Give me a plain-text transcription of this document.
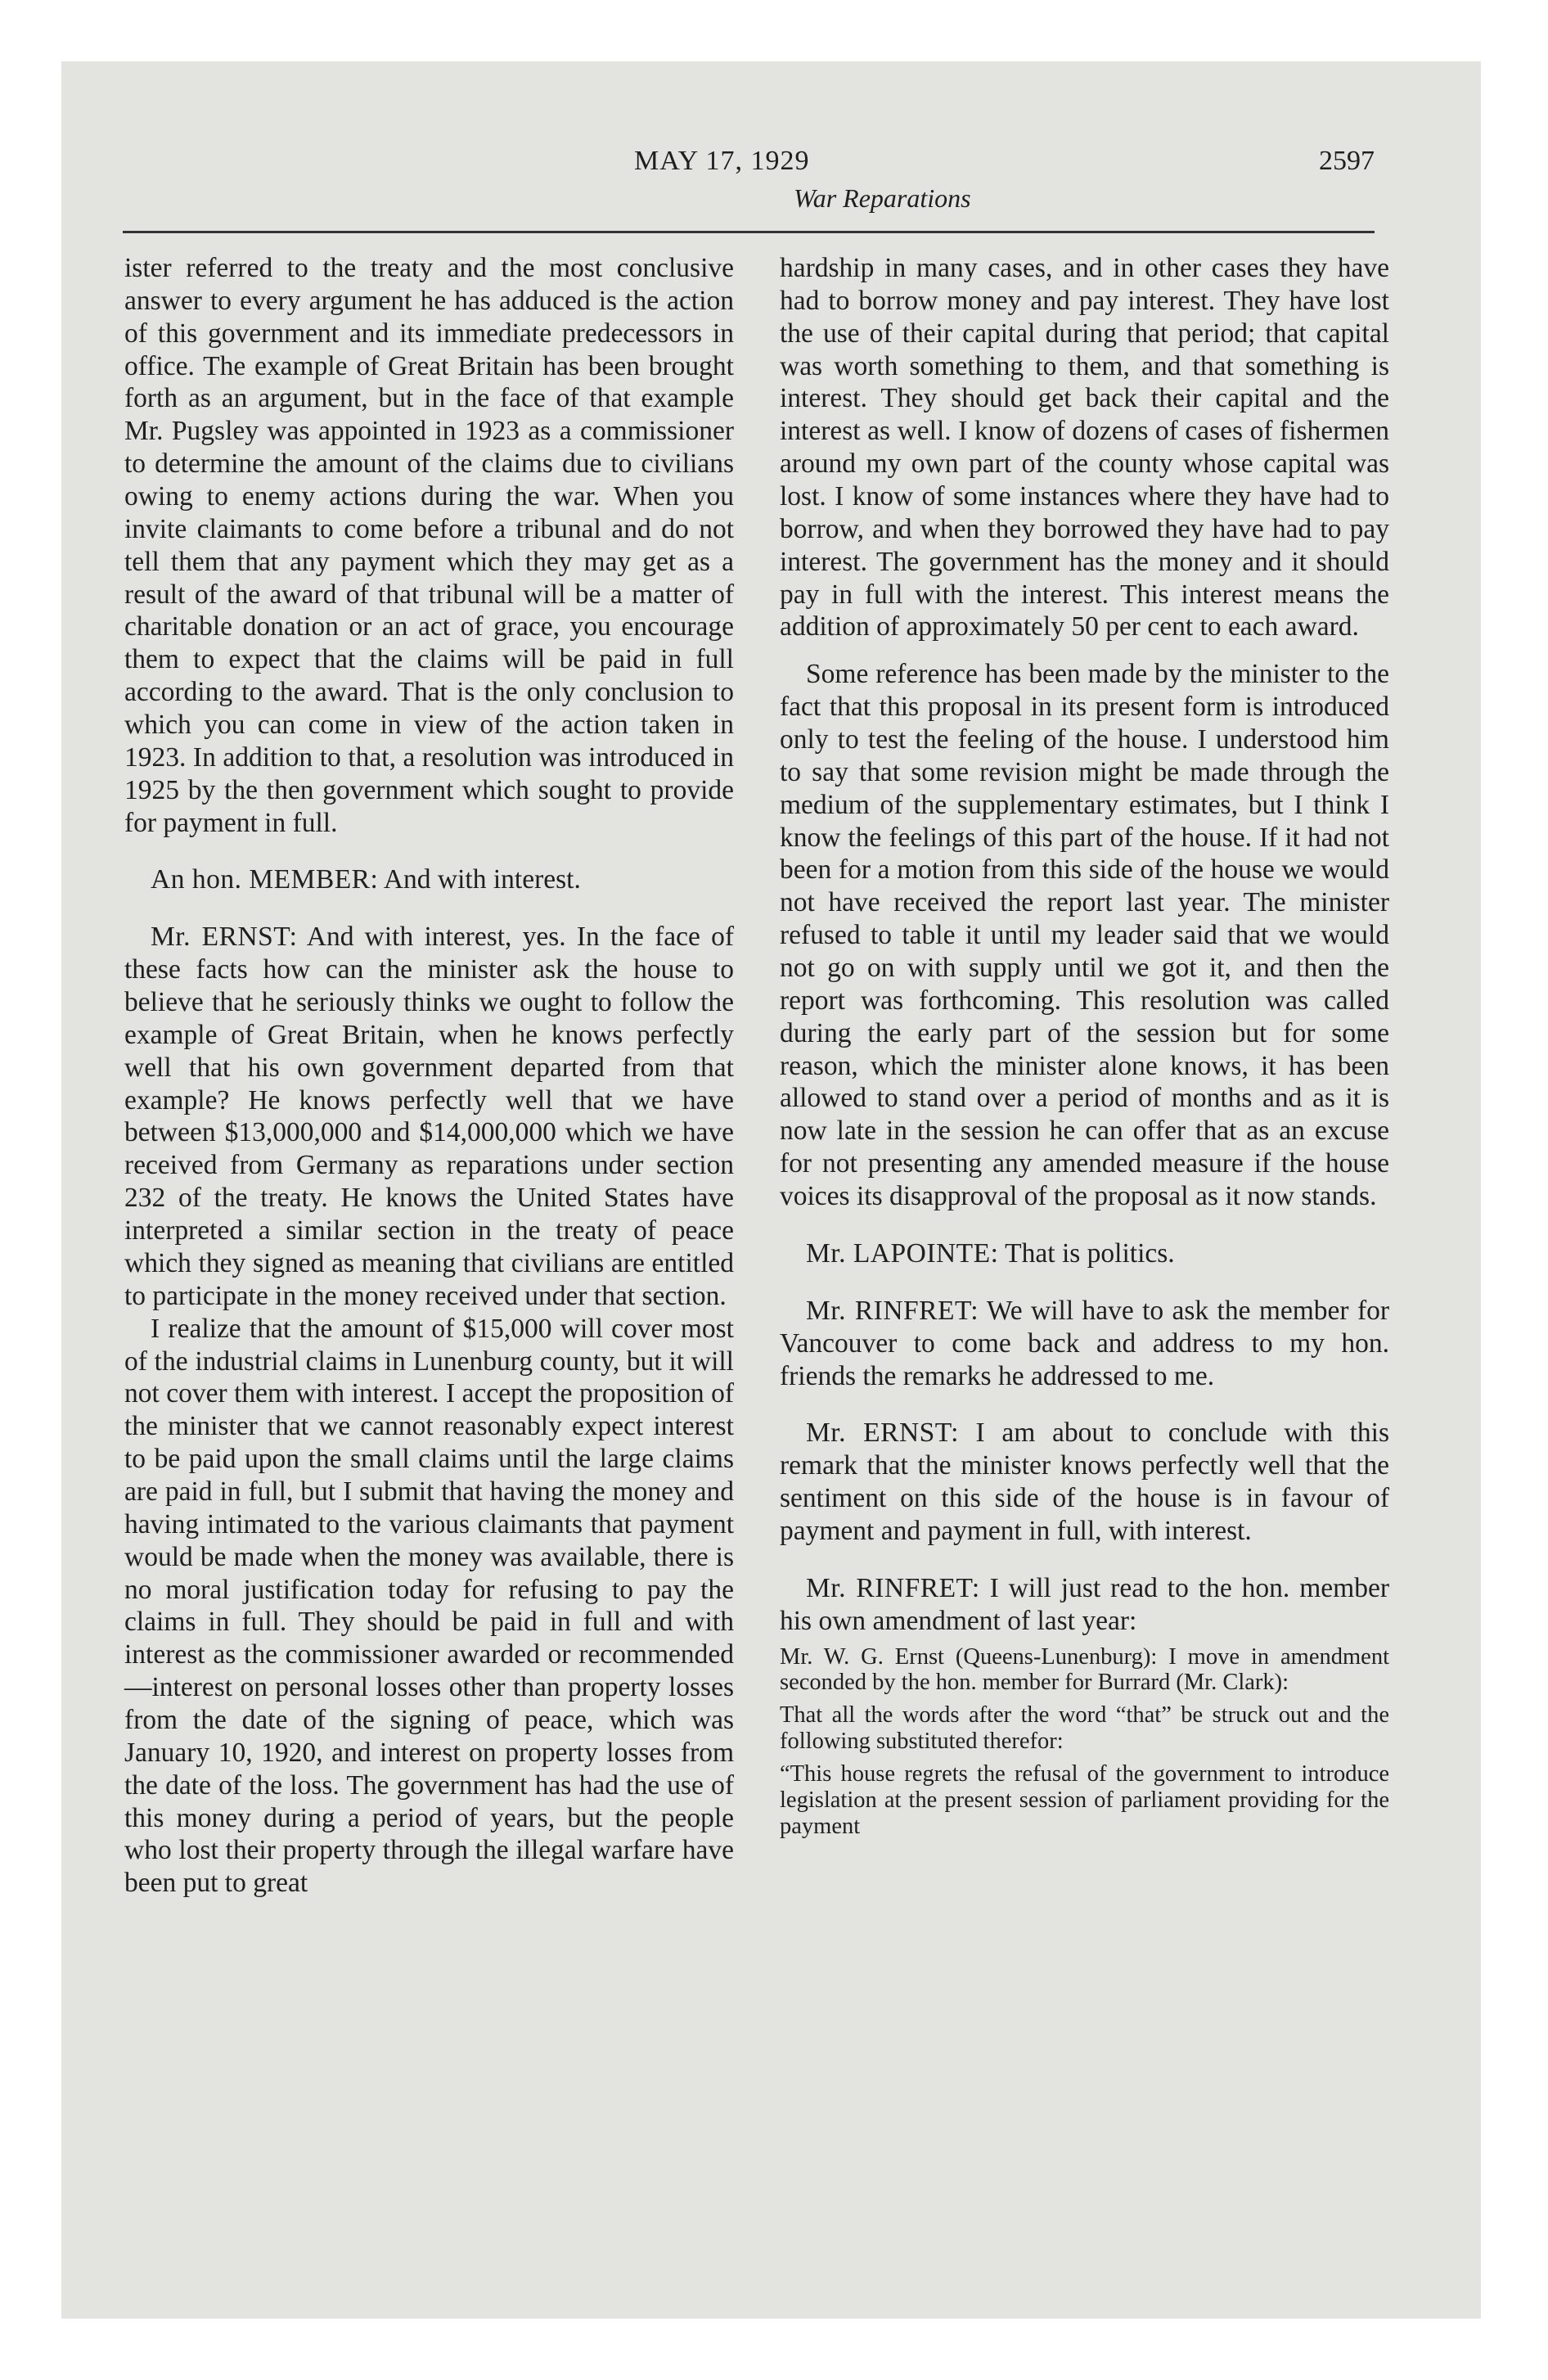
MAY 17, 1929
War Reparations
2597

ister referred to the treaty and the most conclusive answer to every argument he has adduced is the action of this government and its immediate predecessors in office. The example of Great Britain has been brought forth as an argument, but in the face of that example Mr. Pugsley was appointed in 1923 as a commissioner to determine the amount of the claims due to civilians owing to enemy actions during the war. When you invite claimants to come before a tribunal and do not tell them that any payment which they may get as a result of the award of that tribunal will be a matter of charitable donation or an act of grace, you encourage them to expect that the claims will be paid in full according to the award. That is the only conclusion to which you can come in view of the action taken in 1923. In addition to that, a resolution was introduced in 1925 by the then government which sought to provide for payment in full.

An hon. MEMBER: And with interest.

Mr. ERNST: And with interest, yes. In the face of these facts how can the minister ask the house to believe that he seriously thinks we ought to follow the example of Great Britain, when he knows perfectly well that his own government departed from that example? He knows perfectly well that we have between $13,000,000 and $14,000,000 which we have received from Germany as reparations under section 232 of the treaty. He knows the United States have interpreted a similar section in the treaty of peace which they signed as meaning that civilians are entitled to participate in the money received under that section.

I realize that the amount of $15,000 will cover most of the industrial claims in Lunenburg county, but it will not cover them with interest. I accept the proposition of the minister that we cannot reasonably expect interest to be paid upon the small claims until the large claims are paid in full, but I submit that having the money and having intimated to the various claimants that payment would be made when the money was available, there is no moral justification today for refusing to pay the claims in full. They should be paid in full and with interest as the commissioner awarded or recommended—interest on personal losses other than property losses from the date of the signing of peace, which was January 10, 1920, and interest on property losses from the date of the loss. The government has had the use of this money during a period of years, but the people who lost their property through the illegal warfare have been put to great

hardship in many cases, and in other cases they have had to borrow money and pay interest. They have lost the use of their capital during that period; that capital was worth something to them, and that something is interest. They should get back their capital and the interest as well. I know of dozens of cases of fishermen around my own part of the county whose capital was lost. I know of some instances where they have had to borrow, and when they borrowed they have had to pay interest. The government has the money and it should pay in full with the interest. This interest means the addition of approximately 50 per cent to each award.

Some reference has been made by the minister to the fact that this proposal in its present form is introduced only to test the feeling of the house. I understood him to say that some revision might be made through the medium of the supplementary estimates, but I think I know the feelings of this part of the house. If it had not been for a motion from this side of the house we would not have received the report last year. The minister refused to table it until my leader said that we would not go on with supply until we got it, and then the report was forthcoming. This resolution was called during the early part of the session but for some reason, which the minister alone knows, it has been allowed to stand over a period of months and as it is now late in the session he can offer that as an excuse for not presenting any amended measure if the house voices its disapproval of the proposal as it now stands.

Mr. LAPOINTE: That is politics.

Mr. RINFRET: We will have to ask the member for Vancouver to come back and address to my hon. friends the remarks he addressed to me.

Mr. ERNST: I am about to conclude with this remark that the minister knows perfectly well that the sentiment on this side of the house is in favour of payment and payment in full, with interest.

Mr. RINFRET: I will just read to the hon. member his own amendment of last year:

Mr. W. G. Ernst (Queens-Lunenburg): I move in amendment seconded by the hon. member for Burrard (Mr. Clark):

That all the words after the word “that” be struck out and the following substituted therefor:

“This house regrets the refusal of the government to introduce legislation at the present session of parliament providing for the payment
